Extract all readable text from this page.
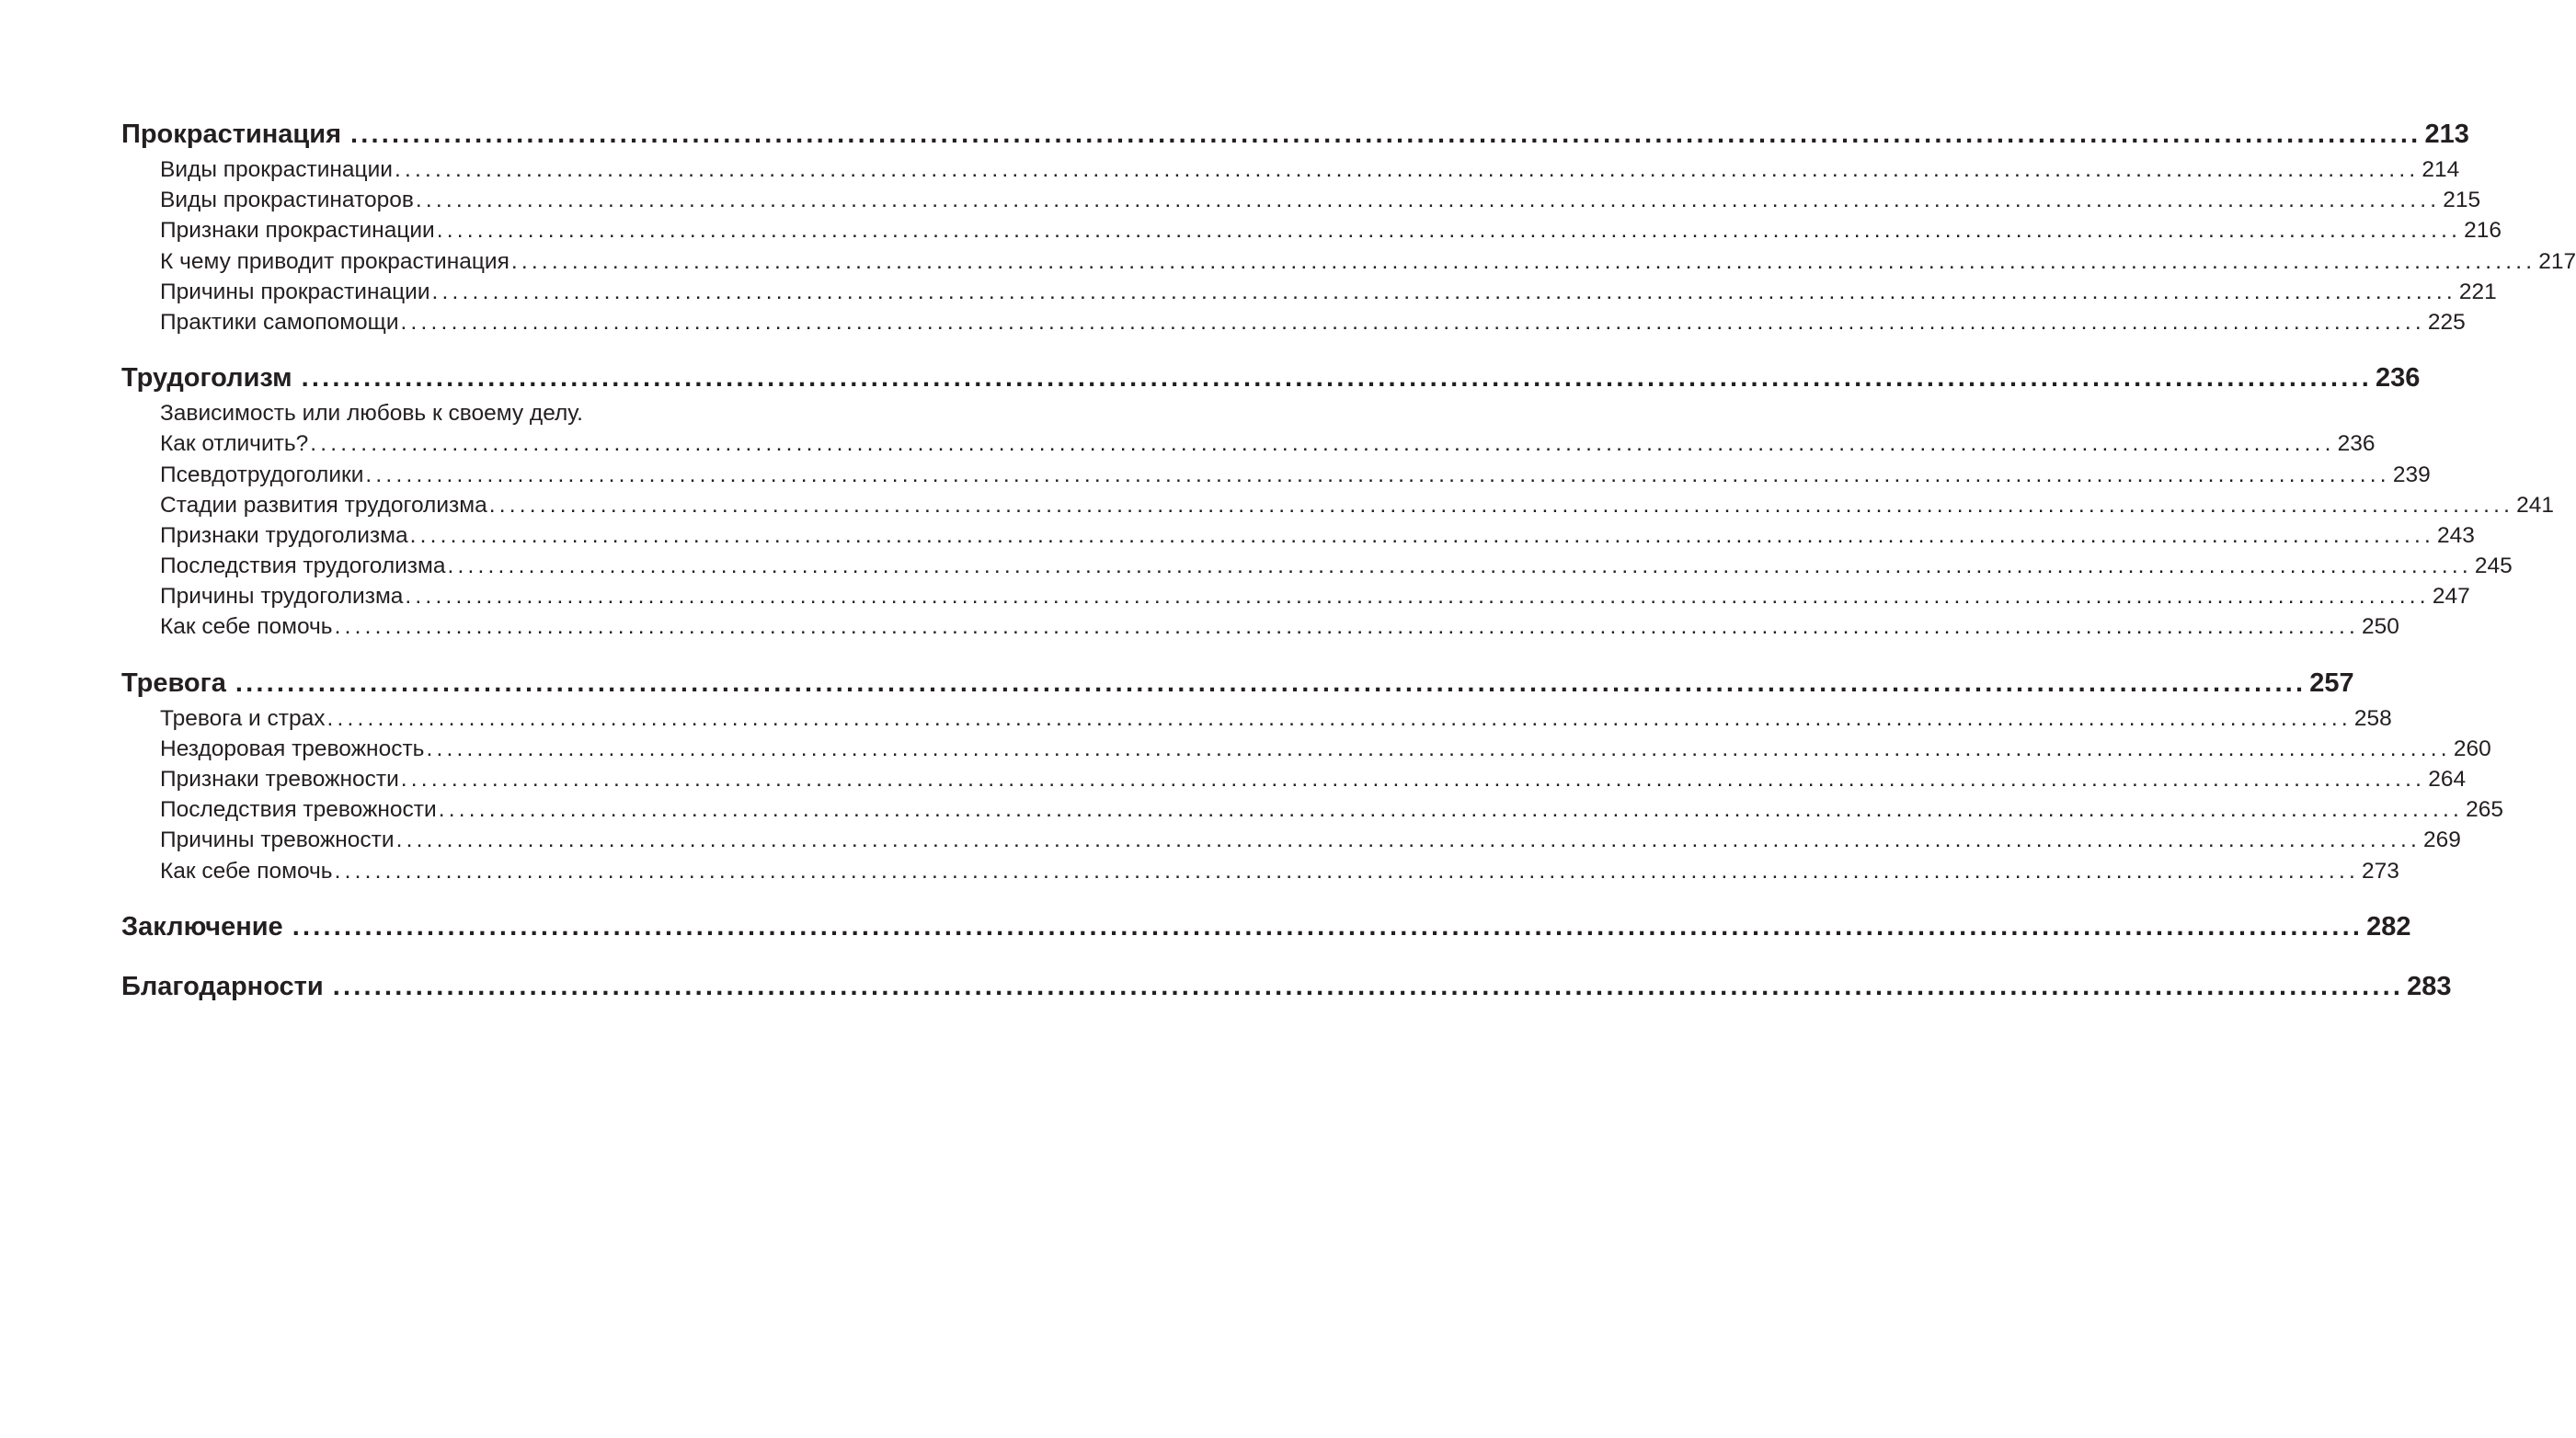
Прокрастинация ........................................................................................................................................................................................................ 213
Виды прокрастинации ........................................................................................................................................................................................................ 214
Виды прокрастинаторов ........................................................................................................................................................................................................ 215
Признаки прокрастинации ........................................................................................................................................................................................................ 216
К чему приводит прокрастинация ........................................................................................................................................................................................................ 217
Причины прокрастинации ........................................................................................................................................................................................................ 221
Практики самопомощи ........................................................................................................................................................................................................ 225
Трудоголизм ........................................................................................................................................................................................................ 236
Зависимость или любовь к своему делу.
Как отличить? ........................................................................................................................................................................................................ 236
Псевдотрудоголики ........................................................................................................................................................................................................ 239
Стадии развития трудоголизма ........................................................................................................................................................................................................ 241
Признаки трудоголизма ........................................................................................................................................................................................................ 243
Последствия трудоголизма ........................................................................................................................................................................................................ 245
Причины трудоголизма ........................................................................................................................................................................................................ 247
Как себе помочь ........................................................................................................................................................................................................ 250
Тревога ........................................................................................................................................................................................................ 257
Тревога и страх ........................................................................................................................................................................................................ 258
Нездоровая тревожность ........................................................................................................................................................................................................ 260
Признаки тревожности ........................................................................................................................................................................................................ 264
Последствия тревожности ........................................................................................................................................................................................................ 265
Причины тревожности ........................................................................................................................................................................................................ 269
Как себе помочь ........................................................................................................................................................................................................ 273
Заключение ........................................................................................................................................................................................................ 282
Благодарности ........................................................................................................................................................................................................ 283
